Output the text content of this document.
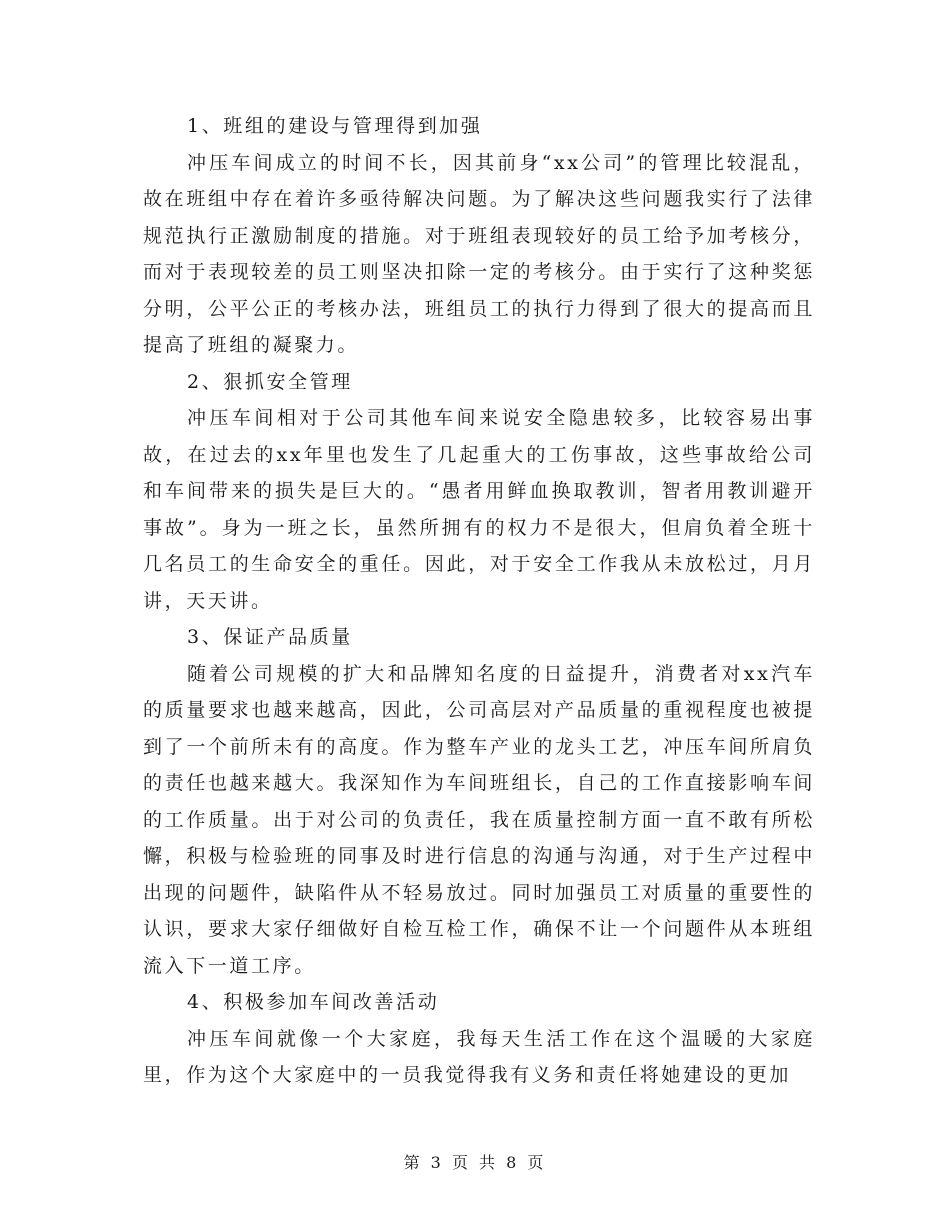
1、班组的建设与管理得到加强

冲压车间成立的时间不长，因其前身“xx公司”的管理比较混乱，故在班组中存在着许多亟待解决问题。为了解决这些问题我实行了法律规范执行正激励制度的措施。对于班组表现较好的员工给予加考核分，而对于表现较差的员工则坚决扣除一定的考核分。由于实行了这种奖惩分明，公平公正的考核办法，班组员工的执行力得到了很大的提高而且提高了班组的凝聚力。

2、狠抓安全管理

冲压车间相对于公司其他车间来说安全隐患较多，比较容易出事故，在过去的xx年里也发生了几起重大的工伤事故，这些事故给公司和车间带来的损失是巨大的。“愚者用鲜血换取教训，智者用教训避开事故”。身为一班之长，虽然所拥有的权力不是很大，但肩负着全班十几名员工的生命安全的重任。因此，对于安全工作我从未放松过，月月讲，天天讲。

3、保证产品质量

随着公司规模的扩大和品牌知名度的日益提升，消费者对xx汽车的质量要求也越来越高，因此，公司高层对产品质量的重视程度也被提到了一个前所未有的高度。作为整车产业的龙头工艺，冲压车间所肩负的责任也越来越大。我深知作为车间班组长，自己的工作直接影响车间的工作质量。出于对公司的负责任，我在质量控制方面一直不敢有所松懈，积极与检验班的同事及时进行信息的沟通与沟通，对于生产过程中出现的问题件，缺陷件从不轻易放过。同时加强员工对质量的重要性的认识，要求大家仔细做好自检互检工作，确保不让一个问题件从本班组流入下一道工序。

4、积极参加车间改善活动

冲压车间就像一个大家庭，我每天生活工作在这个温暖的大家庭里，作为这个大家庭中的一员我觉得我有义务和责任将她建设的更加

第 3 页 共 8 页
